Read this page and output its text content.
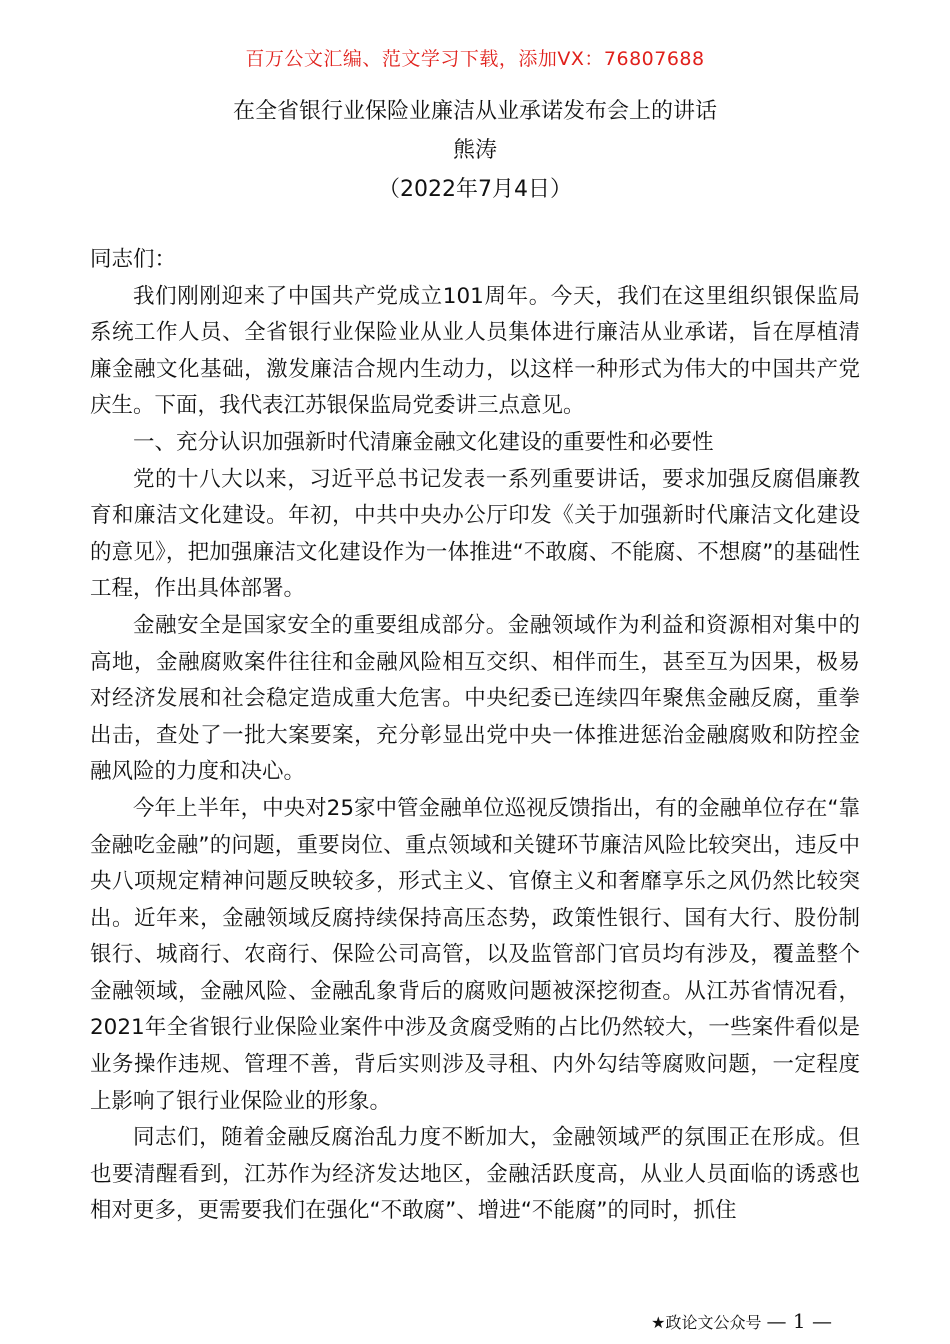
百万公文汇编、范文学习下载，添加VX：76807688
在全省银行业保险业廉洁从业承诺发布会上的讲话
熊涛
（2022年7月4日）

同志们：

我们刚刚迎来了中国共产党成立101周年。今天，我们在这里组织银保监局系统工作人员、全省银行业保险业从业人员集体进行廉洁从业承诺，旨在厚植清廉金融文化基础，激发廉洁合规内生动力，以这样一种形式为伟大的中国共产党庆生。下面，我代表江苏银保监局党委讲三点意见。

一、充分认识加强新时代清廉金融文化建设的重要性和必要性

党的十八大以来，习近平总书记发表一系列重要讲话，要求加强反腐倡廉教育和廉洁文化建设。年初，中共中央办公厅印发《关于加强新时代廉洁文化建设的意见》，把加强廉洁文化建设作为一体推进“不敢腐、不能腐、不想腐”的基础性工程，作出具体部署。

金融安全是国家安全的重要组成部分。金融领域作为利益和资源相对集中的高地，金融腐败案件往往和金融风险相互交织、相伴而生，甚至互为因果，极易对经济发展和社会稳定造成重大危害。中央纪委已连续四年聚焦金融反腐，重拳出击，查处了一批大案要案，充分彰显出党中央一体推进惩治金融腐败和防控金融风险的力度和决心。

今年上半年，中央对25家中管金融单位巡视反馈指出，有的金融单位存在“靠金融吃金融”的问题，重要岗位、重点领域和关键环节廉洁风险比较突出，违反中央八项规定精神问题反映较多，形式主义、官僚主义和奢靡享乐之风仍然比较突出。近年来，金融领域反腐持续保持高压态势，政策性银行、国有大行、股份制银行、城商行、农商行、保险公司高管，以及监管部门官员均有涉及，覆盖整个金融领域，金融风险、金融乱象背后的腐败问题被深挖彻查。从江苏省情况看，2021年全省银行业保险业案件中涉及贪腐受贿的占比仍然较大，一些案件看似是业务操作违规、管理不善，背后实则涉及寻租、内外勾结等腐败问题，一定程度上影响了银行业保险业的形象。

同志们，随着金融反腐治乱力度不断加大，金融领域严的氛围正在形成。但也要清醒看到，江苏作为经济发达地区，金融活跃度高，从业人员面临的诱惑也相对更多，更需要我们在强化“不敢腐”、增进“不能腐”的同时，抓住

★政论文公众号 — 1 —
